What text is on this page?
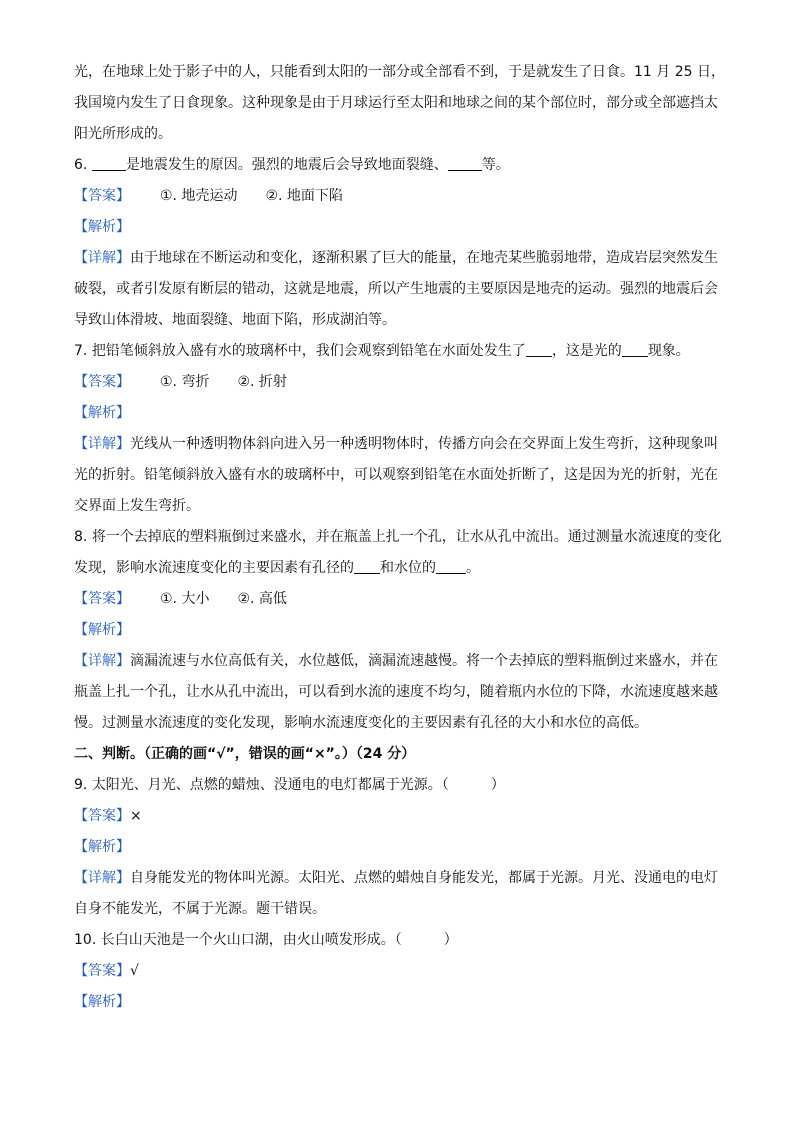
光，在地球上处于影子中的人，只能看到太阳的一部分或全部看不到，于是就发生了日食。11 月 25 日，
我国境内发生了日食现象。这种现象是由于月球运行至太阳和地球之间的某个部位时，部分或全部遮挡太
阳光所形成的。
6.	是地震发生的原因。强烈的地震后会导致地面裂缝、 等。
【答案】 ①. 地壳运动 ②. 地面下陷
【解析】
【详解】由于地球在不断运动和变化，逐渐积累了巨大的能量，在地壳某些脆弱地带，造成岩层突然发生
破裂，或者引发原有断层的错动，这就是地震，所以产生地震的主要原因是地壳的运动。强烈的地震后会
导致山体滑坡、地面裂缝、地面下陷，形成湖泊等。
7. 把铅笔倾斜放入盛有水的玻璃杯中，我们会观察到铅笔在水面处发生了 ，这是光的 现象。
【答案】 ①. 弯折 ②. 折射
【解析】
【详解】光线从一种透明物体斜向进入另一种透明物体时，传播方向会在交界面上发生弯折，这种现象叫
光的折射。铅笔倾斜放入盛有水的玻璃杯中，可以观察到铅笔在水面处折断了，这是因为光的折射，光在
交界面上发生弯折。
8. 将一个去掉底的塑料瓶倒过来盛水，并在瓶盖上扎一个孔，让水从孔中流出。通过测量水流速度的变化
发现，影响水流速度变化的主要因素有孔径的 和水位的 。
【答案】 ①. 大小 ②. 高低
【解析】
【详解】滴漏流速与水位高低有关，水位越低，滴漏流速越慢。将一个去掉底的塑料瓶倒过来盛水，并在
瓶盖上扎一个孔，让水从孔中流出，可以看到水流的速度不均匀，随着瓶内水位的下降，水流速度越来越
慢。过测量水流速度的变化发现，影响水流速度变化的主要因素有孔径的大小和水位的高低。
二、判断。（正确的画“√”，错误的画“×”。）（24 分）
9. 太阳光、月光、点燃的蜡烛、没通电的电灯都属于光源。（	）
【答案】×
【解析】
【详解】自身能发光的物体叫光源。太阳光、点燃的蜡烛自身能发光，都属于光源。月光、没通电的电灯
自身不能发光，不属于光源。题干错误。
10. 长白山天池是一个火山口湖，由火山喷发形成。（	）
【答案】√
【解析】
